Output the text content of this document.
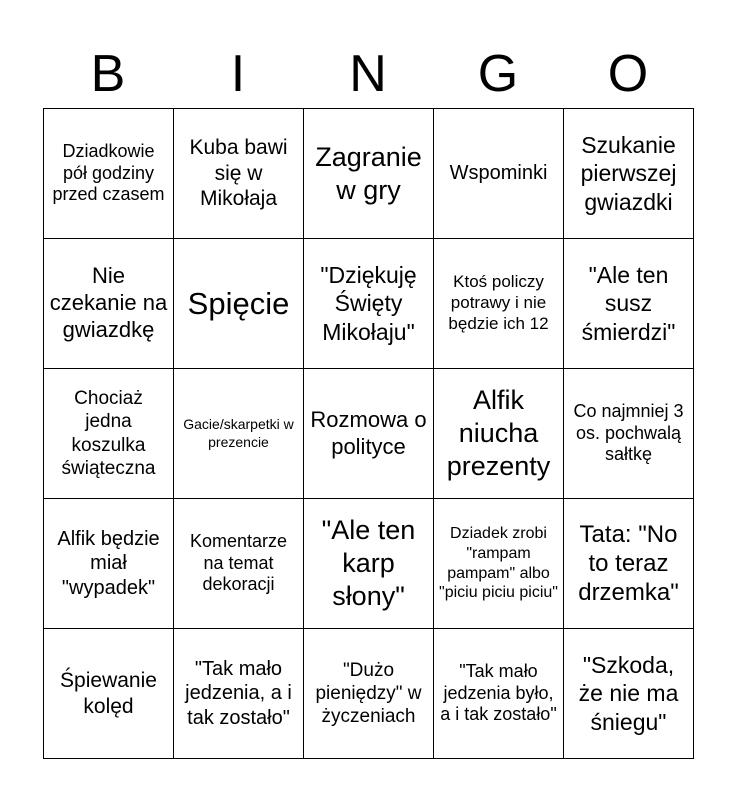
B	I	N	G	O
Dziadkowie pół godziny przed czasem	Kuba bawi się w Mikołaja	Zagranie w gry	Wspominki	Szukanie pierwszej gwiazdki
Nie czekanie na gwiazdkę	Spięcie	"Dziękuję Święty Mikołaju"	Ktoś policzy potrawy i nie będzie ich 12	"Ale ten susz śmierdzi"
Chociaż jedna koszulka świąteczna	Gacie/skarpetki w prezencie	Rozmowa o polityce	Alfik niucha prezenty	Co najmniej 3 os. pochwalą sałtkę
Alfik będzie miał "wypadek"	Komentarze na temat dekoracji	"Ale ten karp słony"	Dziadek zrobi "rampam pampam" albo "piciu piciu piciu"	Tata: "No to teraz drzemka"
Śpiewanie kolęd	"Tak mało jedzenia, a i tak zostało"	"Dużo pieniędzy" w życzeniach	"Tak mało jedzenia było, a i tak zostało"	"Szkoda, że nie ma śniegu"
